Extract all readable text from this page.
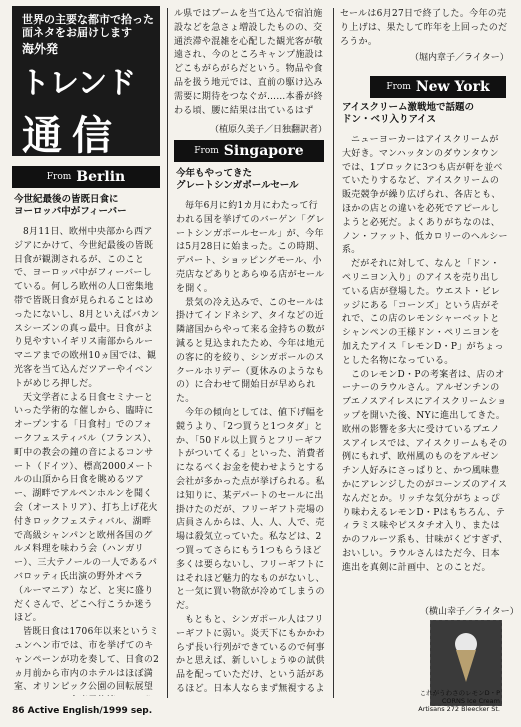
世界の主要な都市で拾った
面ネタをお届けします
海外発
トレンド
通信
From Berlin
今世紀最後の皆既日食に
ヨーロッパ中がフィーバー

8月11日、欧州中央部から西アジアにかけて、今世紀最後の皆既日食が観測されるが、このことで、ヨーロッパ中がフィーバーしている。何しろ欧州の人口密集地帯で皆既日食が見られることはめったにないし、8月といえばバカンスシーズンの真っ最中。日食がより見やすいイギリス南部からルーマニアまでの欧州10ヵ国では、観光客を当て込んだツアーやイベントがめじろ押しだ。

天文学者による日食セミナーといった学術的な催しから、臨時にオープンする「日食村」でのフォークフェスティバル（フランス）、町中の教会の鐘の音によるコンサート（ドイツ）、標高2000メートルの山頂から日食を眺めるツアー、湖畔でアルペンホルンを聞く会（オーストリア）、打ち上げ花火付きロックフェスティバル、湖畔で高級シャンパンと欧州各国のグルメ料理を味わう会（ハンガリー）、三大テノールの一人であるパバロッティ氏出演の野外オペラ（ルーマニア）など、と実に盛りだくさんで、どこへ行こうか迷うほど。

皆既日食は1706年以来というミュンヘン市では、市を挙げてのキャンペーンが功を奏して、日食の2ヵ月前から市内のホテルはほぼ満室、オリンピック公園の回転展望

ル県ではブームを当て込んで宿泊施設などを急さょ増設したものの、交通渋滞や混雑を心配した観光客が敬遠され、今のところキャンプ施設はどこもがらがらだという。物品や食品を扱う地元では、直前の駆け込み需要に期待をつなぐが……本番が終わる頃、腰に結果は出ているはず

（植原久美子／日独翻訳者）
From Singapore
今年もやってきた
グレートシンガポールセール

毎年6月に約1カ月にわたって行われる国を挙げてのバーゲン「グレートシンガポールセール」が、今年は5月28日に始まった。この時期、デパート、ショッピングモール、小売店などありとあらゆる店がセールを開く。

景気の冷え込みで、このセールは掛けてインドネシア、タイなどの近隣諸国からやって来る金持ちの数が減ると見込まれたため、今年は地元の客に的を絞り、シンガポールのスクールホリデー（夏休みのようなもの）に合わせて開始日が早められた。

今年の傾向としては、値下げ幅を競うより、「2つ買うと1つタダ」とか、「50ドル以上買うとフリーギフトがついてくる」といった、消費者になるべくお金を使わせようとする会社が多かった点が挙げられる。私は知りに、某デパートのセールに出掛けたのだが、フリーギフト売場の店員さんからは、人、人、人で、売場は殺気立っていた。私などは、2つ買ってさらにもう1つもらうほど多くは要らないし、フリーギフトにはそれほど魅力的なものがないし、と一気に買い物欲が冷めてしまうのだ。

もともと、シンガポール人はフリーギフトに弱い。炎天下にもかかわらず長い行列ができているので何事かと思えば、新しいしょうゆの試供品を配っていただけ、という話があるほど。日本人ならまず無視するよ

セールは6月27日で終了した。今年の売り上げは、果たして昨年を上回ったのだろうか。

（堀内章子／ライター）
From New York
アイスクリーム激戦地で話題の
ドン・ベリ入りアイス

ニューヨーカーはアイスクリームが大好き。マンハッタンのダウンタウンでは、1ブロックに3つも店が軒を並べていたりするなど、アイスクリームの販売競争が繰り広げられ、各店とも、ほかの店との違いを必死でアピールしようと必死だ。よくありがちなのは、ノン・ファット、低カロリーのヘルシー系。

だがそれに対して、なんと「ドン・ペリニヨン入り」のアイスを売り出している店が登場した。ウエスト・ビレッジにある「コーンズ」という店がそれで、この店のレモンシャーベットとシャンペンの王様ドン・ペリニヨンを加えたアイス「レモンD・P」がちょっとした名物になっている。

このレモンD・Pの考案者は、店のオーナーのラウルさん。アルゼンチンのブエノスアイレスにアイスクリームショップを開いた後、NYに進出してきた。欧州の影響を多大に受けているブエノスアイレスでは、アイスクリームもその例にもれず、欧州風のものをアルゼンチン人好みにさっぱりと、かつ風味豊かにアレンジしたのがコーンズのアイスなんだとか。リッチな気分がちょっぴり味わえるレモンD・Pはもちろん、ティラミス味やピスタチオ入り、またはかのフルーツ系も、甘味がくどすぎず、おいしい。ラウルさんはただ今、日本進出を真剣に計画中、とのことだ。

（横山幸子／ライター）
これがうわさのレモンD・P
CORNS Ice Cream
Artisans 272 Bleecker St.
86 Active English/1999 sep.
